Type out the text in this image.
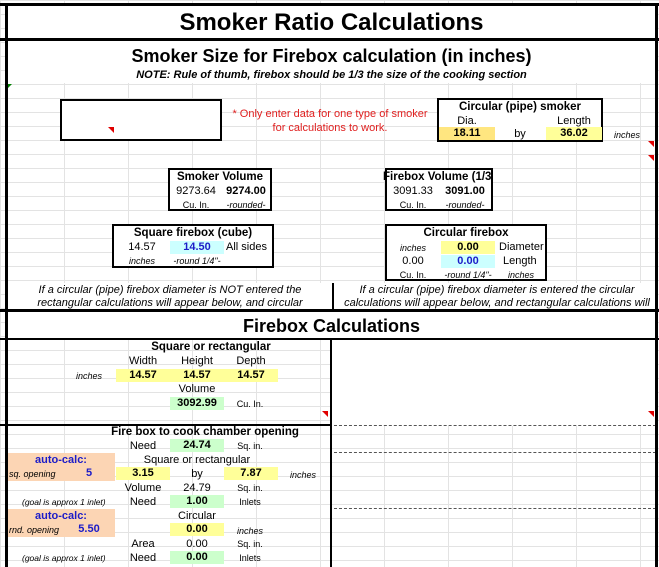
Smoker Ratio Calculations
Smoker Size for Firebox calculation (in inches)
NOTE: Rule of thumb, firebox should be 1/3 the size of the cooking section
* Only enter data for one type of smoker
for calculations to work.
Circular (pipe) smoker
Dia.	Length
18.11	by	36.02	inches
Smoker Volume
9273.64 9274.00
Cu. In.	-rounded-
Firebox Volume (1/3
3091.33	3091.00
Cu. In.	-rounded-
Square firebox (cube)
14.57	14.50	All sides
inches	-round 1/4"-
Circular firebox
inches	0.00	Diameter
0.00	0.00	Length
Cu. In.	-round 1/4"-	inches
If a circular (pipe) firebox diameter is NOT entered the
rectangular calculations will appear below, and circular
If a circular (pipe) firebox diameter is entered the circular
calculations will appear below, and rectangular calculations will
Firebox Calculations
Square or rectangular
Width	Height	Depth
inches	14.57	14.57	14.57
Volume
3092.99	Cu. In.
Fire box to cook chamber opening
Need	24.74	Sq. in.
auto-calc:
sq. opening	5
Square or rectangular
3.15	by	7.87	inches
Volume	24.79	Sq. in.
(goal is approx 1 inlet)	Need	1.00	Inlets
auto-calc:
rnd. opening	5.50
Circular
0.00	inches
Area	0.00	Sq. in.
(goal is approx 1 inlet)	Need	0.00	Inlets
